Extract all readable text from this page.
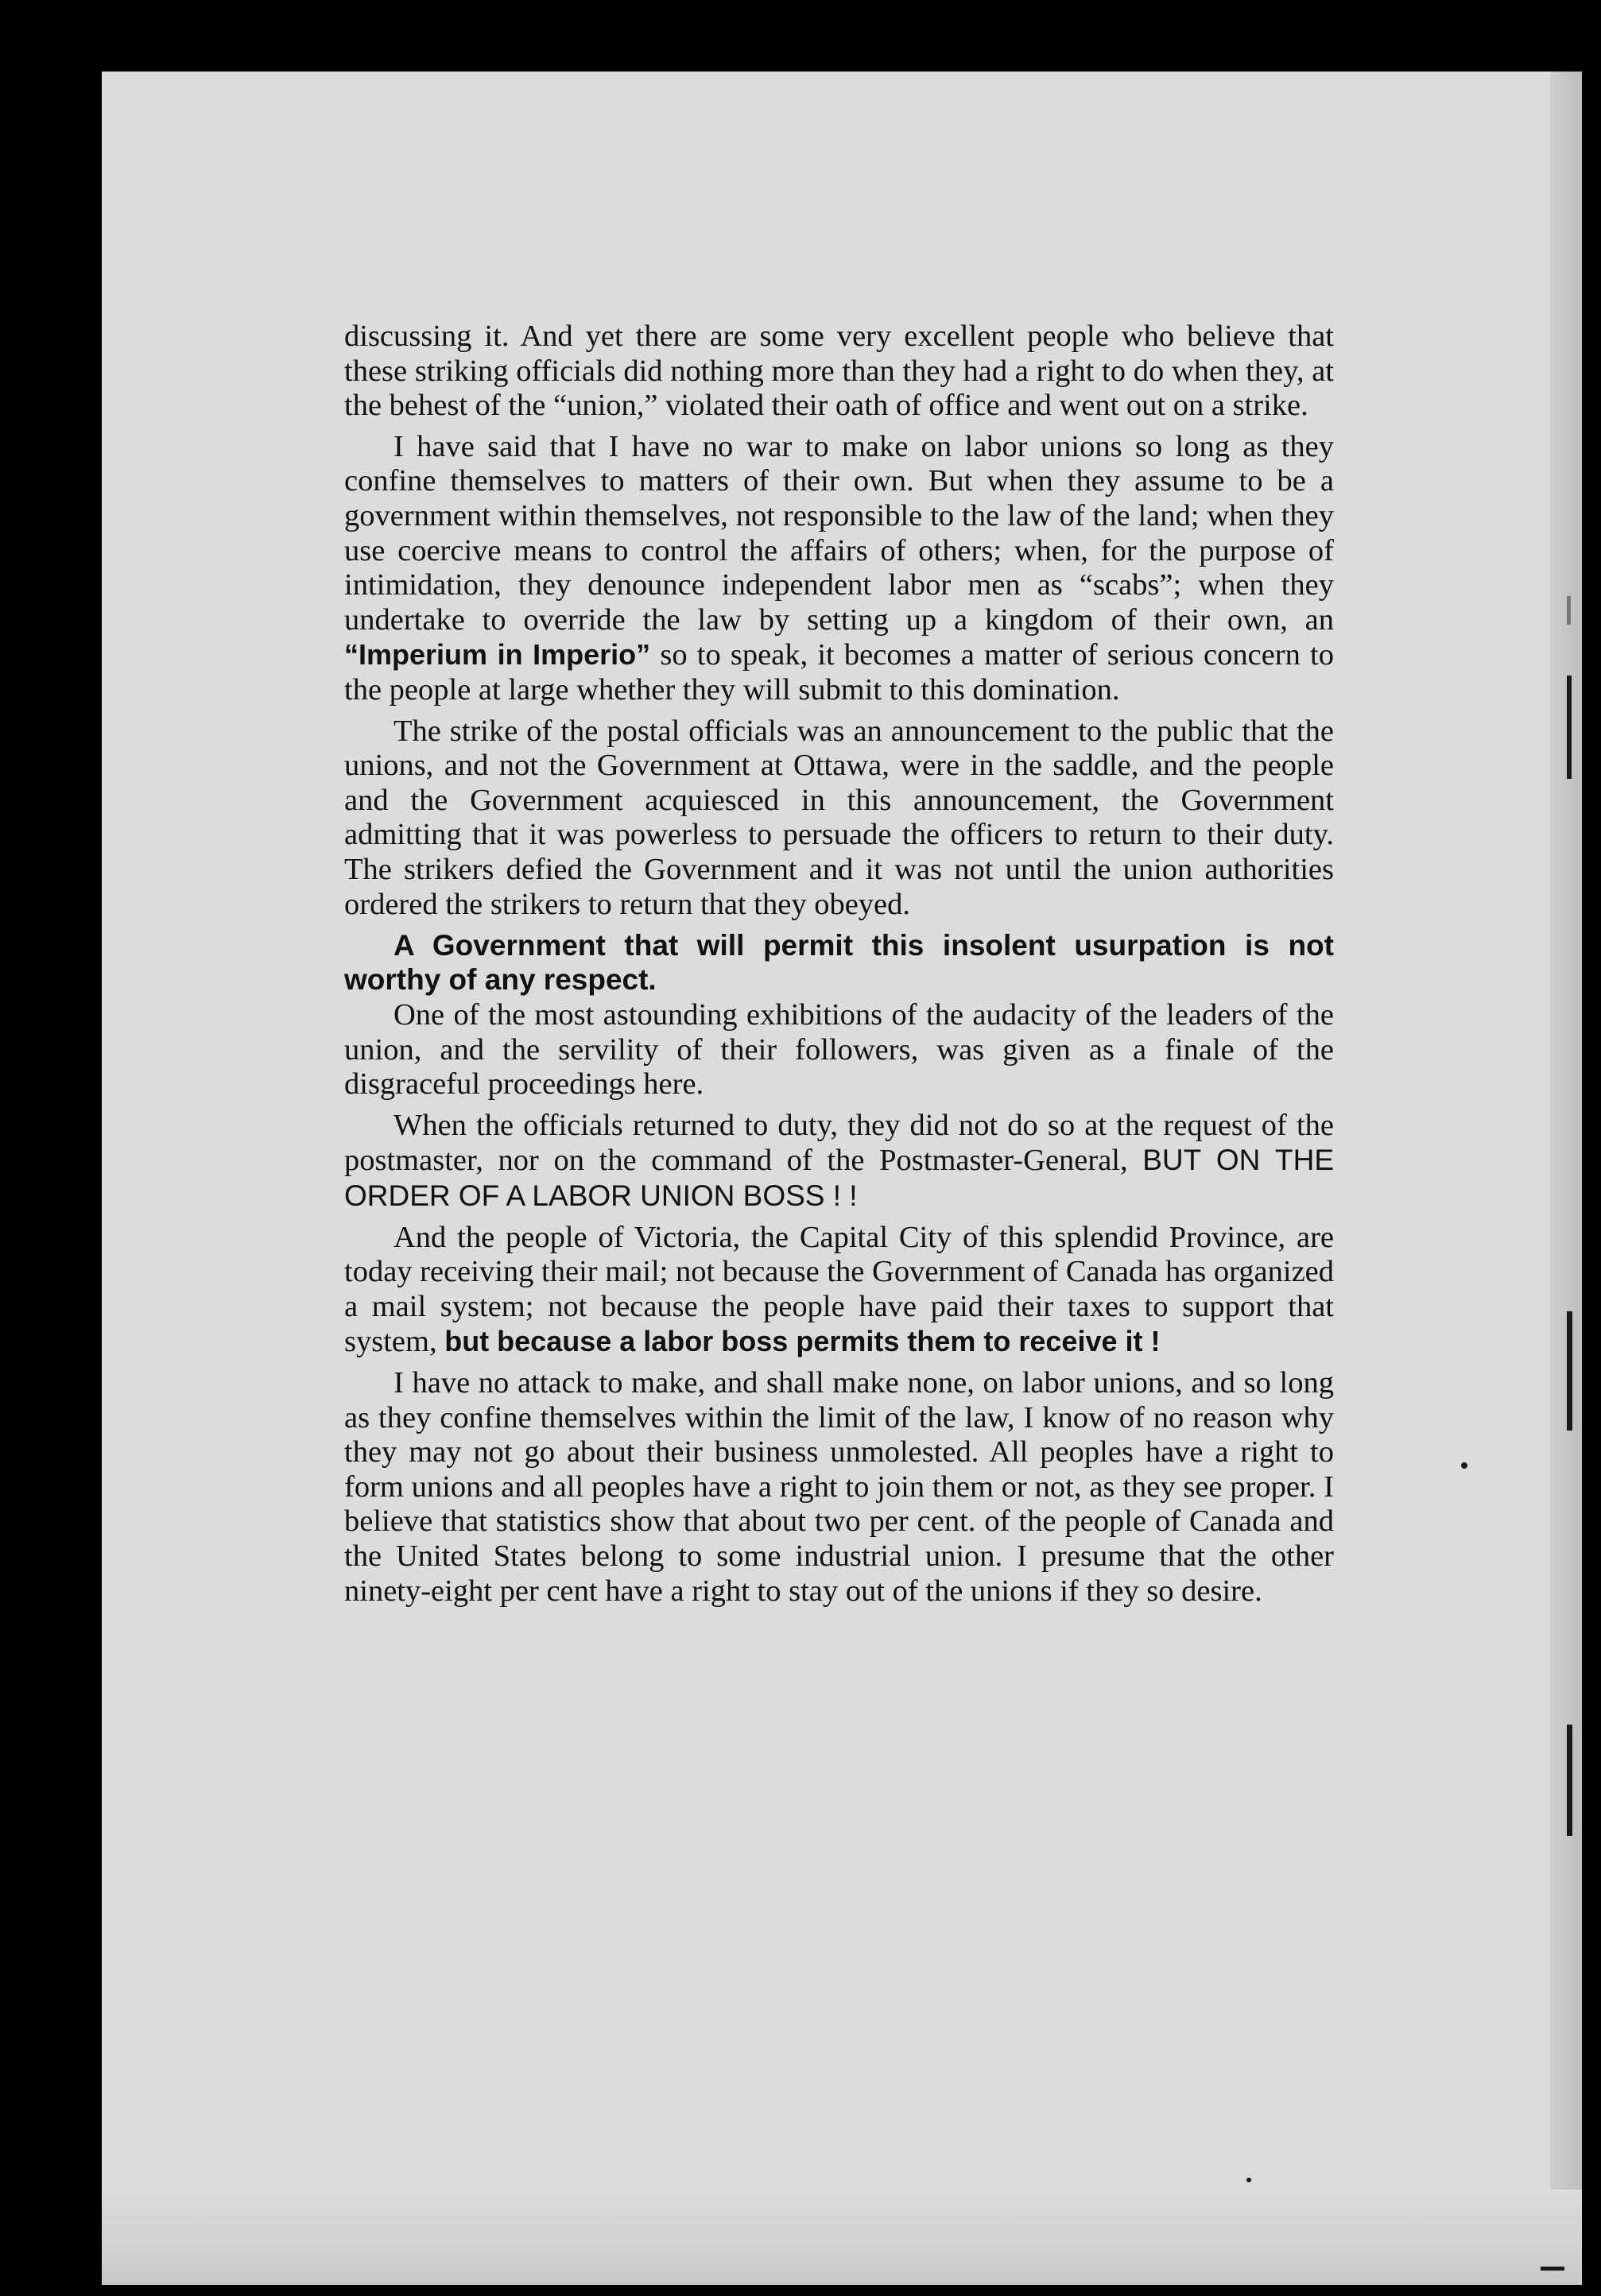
discussing it. And yet there are some very excellent people who believe that these striking officials did nothing more than they had a right to do when they, at the behest of the “union,” violated their oath of office and went out on a strike.

I have said that I have no war to make on labor unions so long as they confine themselves to matters of their own. But when they assume to be a government within themselves, not responsible to the law of the land; when they use coercive means to control the affairs of others; when, for the purpose of intimidation, they denounce independent labor men as “scabs”; when they undertake to override the law by setting up a kingdom of their own, an “Imperium in Imperio” so to speak, it becomes a matter of serious concern to the people at large whether they will submit to this domination.

The strike of the postal officials was an announcement to the public that the unions, and not the Government at Ottawa, were in the saddle, and the people and the Government acquiesced in this announcement, the Government admitting that it was powerless to persuade the officers to return to their duty. The strikers defied the Government and it was not until the union authorities ordered the strikers to return that they obeyed.

A Government that will permit this insolent usurpation is not worthy of any respect.

One of the most astounding exhibitions of the audacity of the leaders of the union, and the servility of their followers, was given as a finale of the disgraceful proceedings here.

When the officials returned to duty, they did not do so at the request of the postmaster, nor on the command of the Postmaster-General, BUT ON THE ORDER OF A LABOR UNION BOSS ! !

And the people of Victoria, the Capital City of this splendid Province, are today receiving their mail; not because the Government of Canada has organized a mail system; not because the people have paid their taxes to support that system, but because a labor boss permits them to receive it !

I have no attack to make, and shall make none, on labor unions, and so long as they confine themselves within the limit of the law, I know of no reason why they may not go about their business unmolested. All peoples have a right to form unions and all peoples have a right to join them or not, as they see proper. I believe that statistics show that about two per cent. of the people of Canada and the United States belong to some industrial union. I presume that the other ninety-eight per cent have a right to stay out of the unions if they so desire.
